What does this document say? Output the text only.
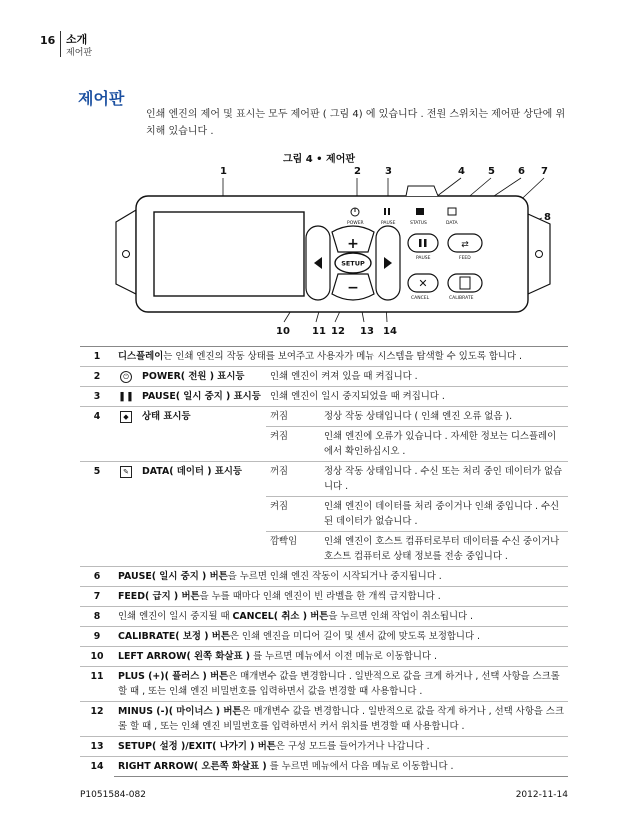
16 소개
제어판
제어판
인쇄 엔진의 제어 및 표시는 모두 제어판 ( 그림 4) 에 있습니다 . 전원 스위치는 제어판 상단에 위치해 있습니다 .
그림 4 • 제어판
1	2 3	4 5 6 7
8
10 11 12 13 14
POWER	PAUSE	STATUS	DATA
SETUP
+
−
⇄
✕
PAUSE	FEED
CANCEL	CALIBRATE
1	디스플레이는 인쇄 엔진의 작동 상태를 보여주고 사용자가 메뉴 시스템을 탐색할 수 있도록 합니다 .			
2	⏻	POWER( 전원 ) 표시등	인쇄 엔진이 켜져 있을 때 켜집니다 .	
3	❚❚	PAUSE( 일시 중지 ) 표시등	인쇄 엔진이 일시 중지되었을 때 켜집니다 .	
4	◆	상태 표시등	꺼짐	정상 작동 상태입니다 ( 인쇄 엔진 오류 없음 ).
			켜짐	인쇄 엔진에 오류가 있습니다 . 자세한 정보는 디스플레이에서 확인하십시오 .
5	✎	DATA( 데이터 ) 표시등	꺼짐	정상 작동 상태입니다 . 수신 또는 처리 중인 데이터가 없습니다 .
			켜짐	인쇄 엔진이 데이터를 처리 중이거나 인쇄 중입니다 . 수신된 데이터가 없습니다 .
			깜빡임	인쇄 엔진이 호스트 컴퓨터로부터 데이터를 수신 중이거나 호스트 컴퓨터로 상태 정보를 전송 중입니다 .
6	PAUSE( 일시 중지 ) 버튼을 누르면 인쇄 엔진 작동이 시작되거나 중지됩니다 .			
7	FEED( 급지 ) 버튼을 누를 때마다 인쇄 엔진이 빈 라벨을 한 개씩 급지합니다 .			
8	인쇄 엔진이 일시 중지될 때 CANCEL( 취소 ) 버튼을 누르면 인쇄 작업이 취소됩니다 .			
9	CALIBRATE( 보정 ) 버튼은 인쇄 엔진을 미디어 길이 및 센서 값에 맞도록 보정합니다 .			
10	LEFT ARROW( 왼쪽 화살표 ) 를 누르면 메뉴에서 이전 메뉴로 이동합니다 .			
11	PLUS (+)( 플러스 ) 버튼은 매개변수 값을 변경합니다 . 일반적으로 값을 크게 하거나 , 선택 사항을 스크롤 할 때 , 또는 인쇄 엔진 비밀번호를 입력하면서 값을 변경할 때 사용합니다 .			
12	MINUS (-)( 마이너스 ) 버튼은 매개변수 값을 변경합니다 . 일반적으로 값을 작게 하거나 , 선택 사항을 스크롤 할 때 , 또는 인쇄 엔진 비밀번호를 입력하면서 커서 위치를 변경할 때 사용합니다 .			
13	SETUP( 설정 )/EXIT( 나가기 ) 버튼은 구성 모드를 들어가거나 나갑니다 .			
14	RIGHT ARROW( 오른쪽 화살표 ) 를 누르면 메뉴에서 다음 메뉴로 이동합니다 .			
P1051584-082	2012-11-14
